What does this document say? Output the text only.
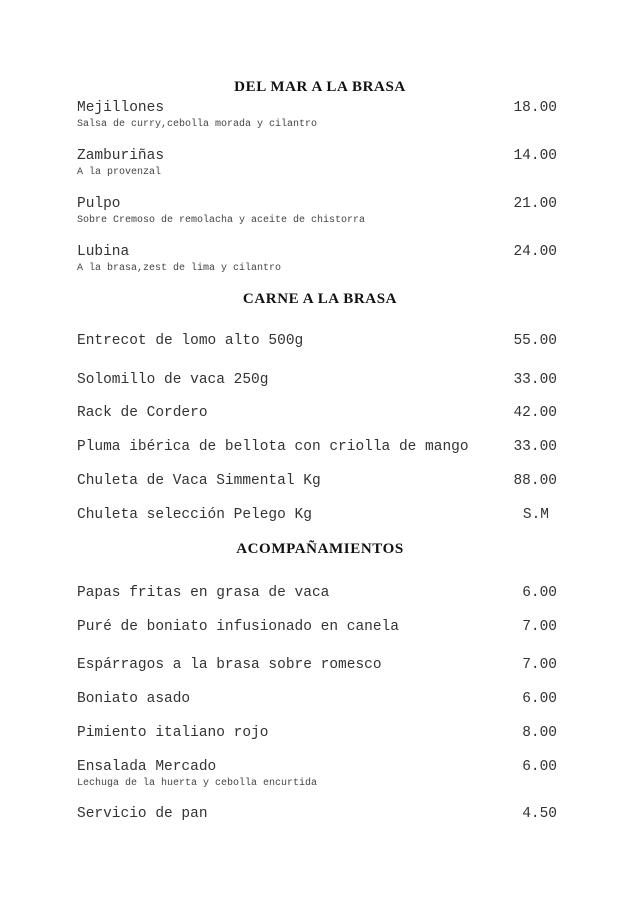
DEL MAR A LA BRASA
Mejillones	18.00
Salsa de curry,cebolla morada y cilantro
Zamburiñas	14.00
A la provenzal
Pulpo	21.00
Sobre Cremoso de remolacha y aceite de chistorra
Lubina	24.00
A la brasa,zest de lima y cilantro
CARNE A LA BRASA
Entrecot de lomo alto 500g	55.00
Solomillo de vaca 250g	33.00
Rack de Cordero	42.00
Pluma ibérica de bellota con criolla de mango	33.00
Chuleta de Vaca Simmental Kg	88.00
Chuleta selección Pelego Kg	S.M
ACOMPAÑAMIENTOS
Papas fritas en grasa de vaca	6.00
Puré de boniato infusionado en canela	7.00
Espárragos a la brasa sobre romesco	7.00
Boniato asado	6.00
Pimiento italiano rojo	8.00
Ensalada Mercado	6.00
Lechuga de la huerta y cebolla encurtida
Servicio de pan	4.50
